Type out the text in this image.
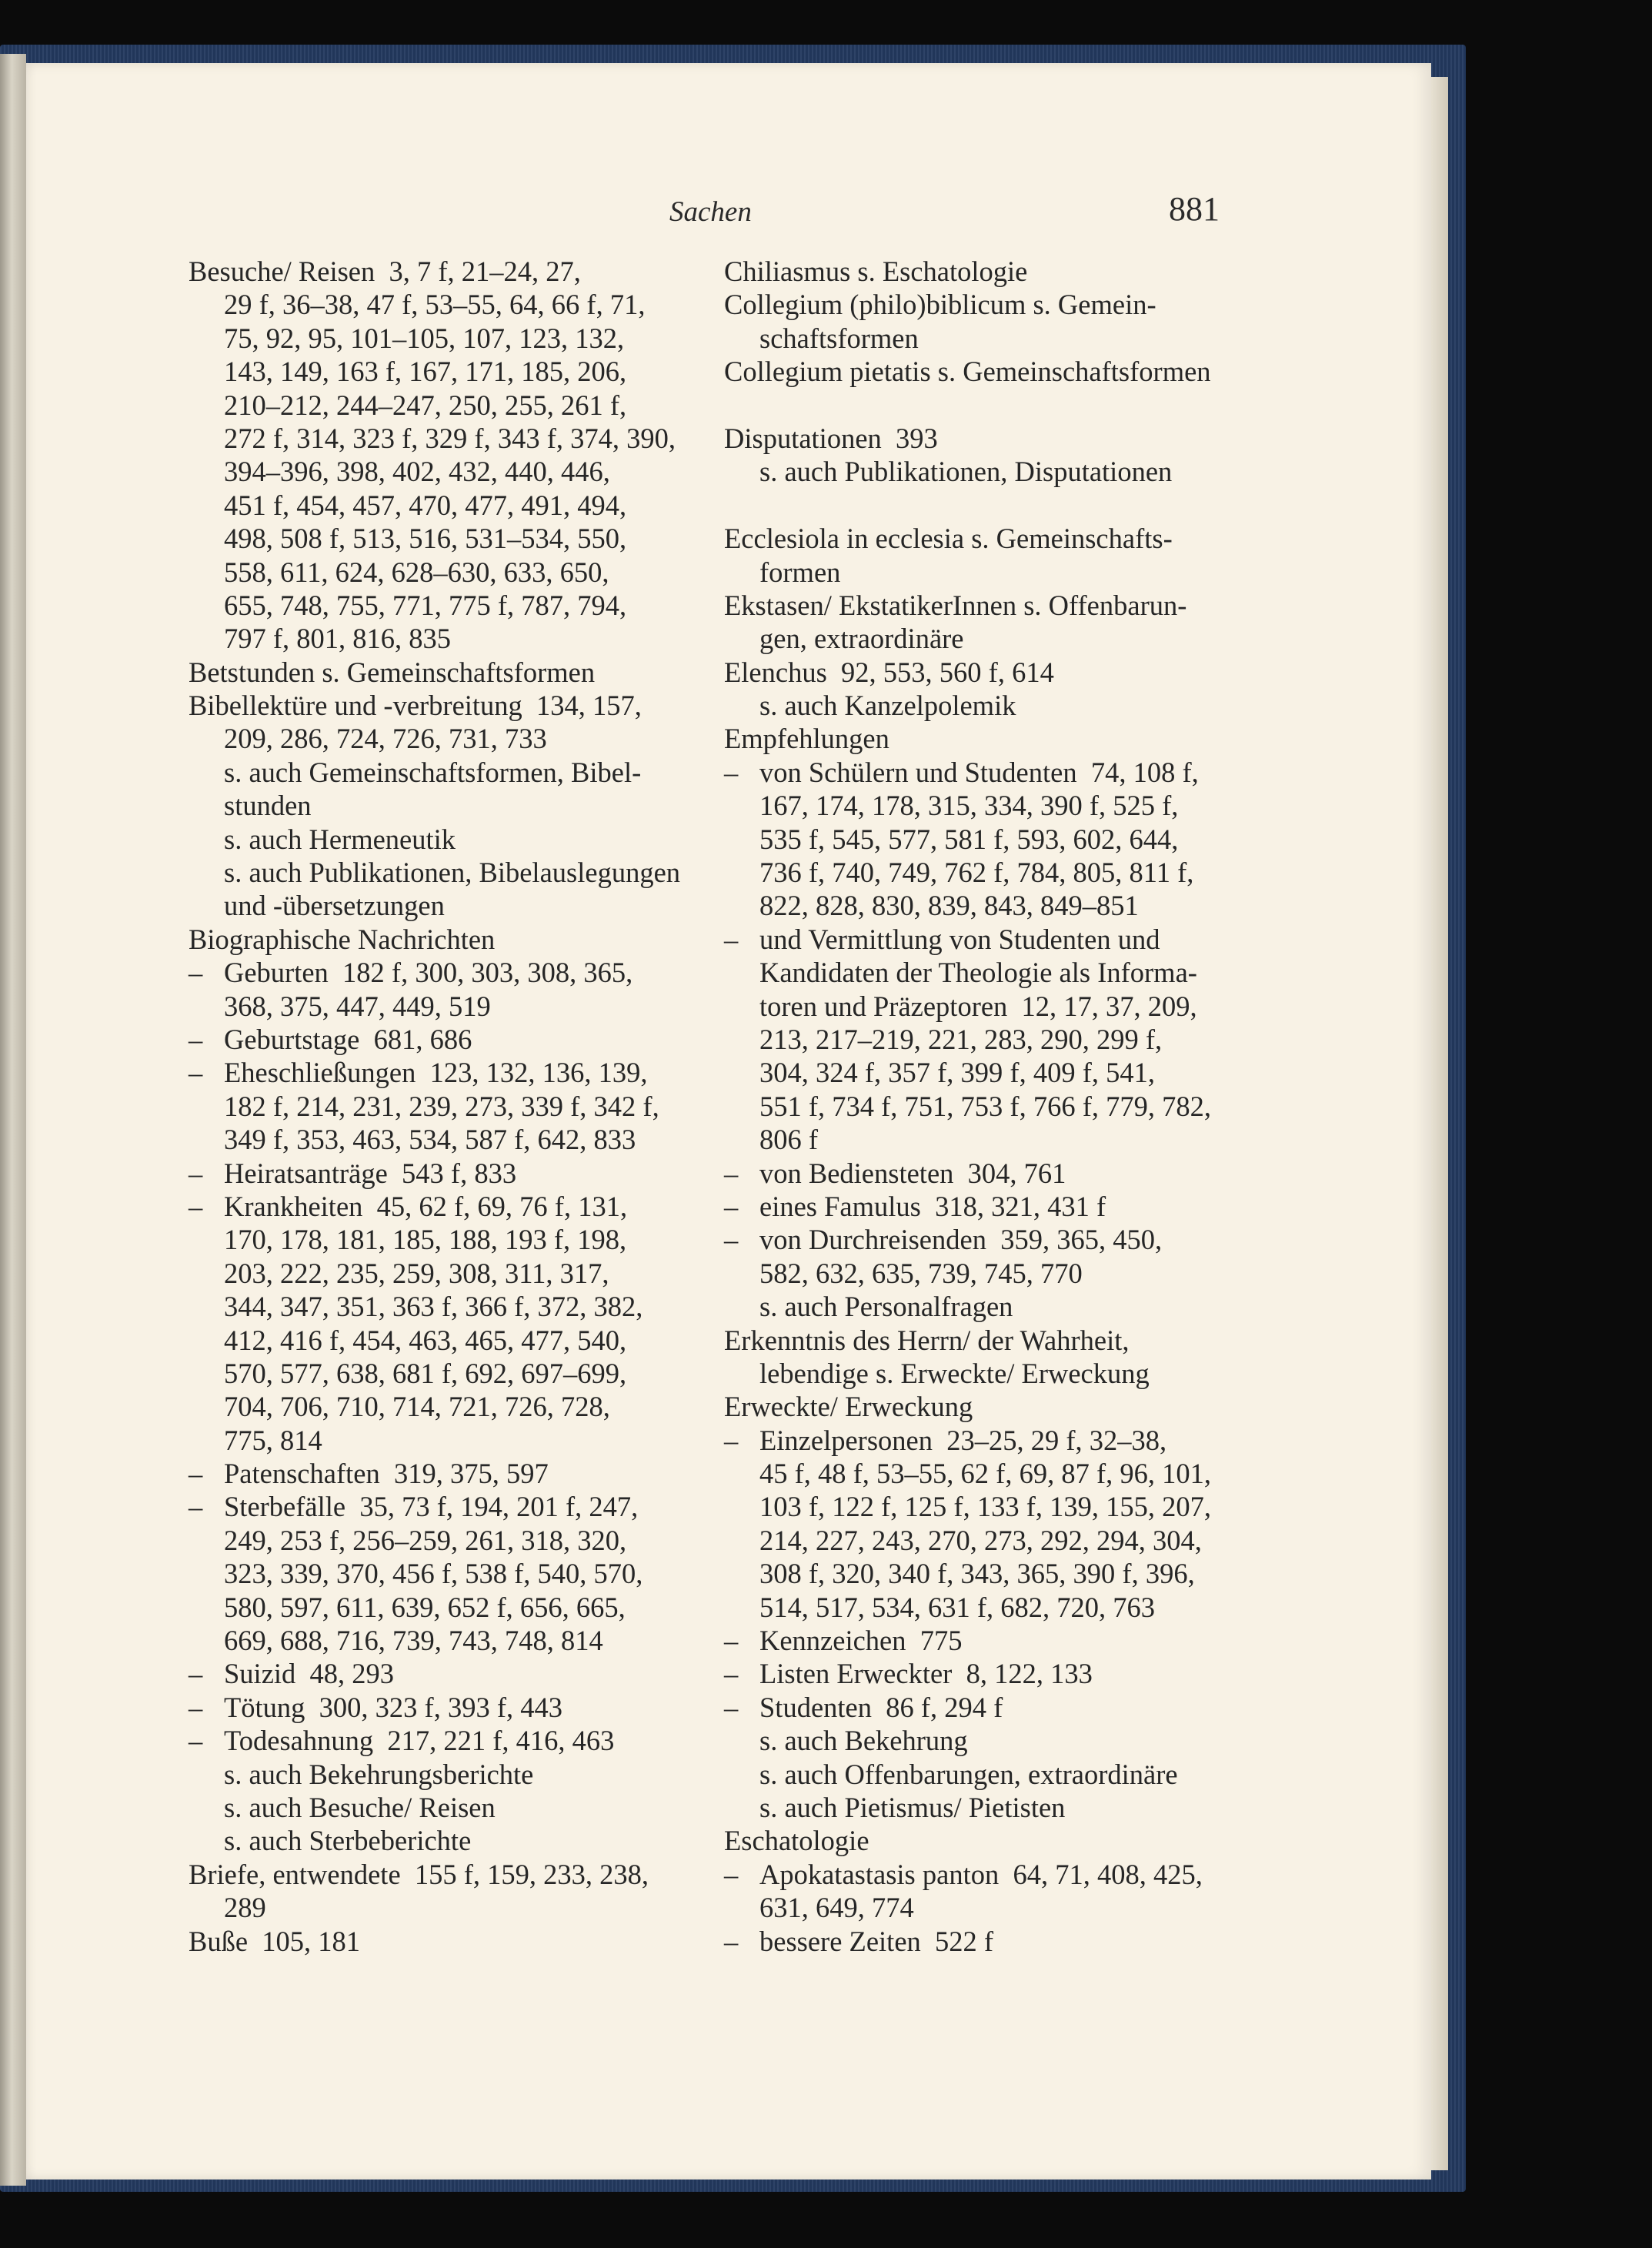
Sachen	881
Besuche/ Reisen  3, 7 f, 21–24, 27,
29 f, 36–38, 47 f, 53–55, 64, 66 f, 71,
75, 92, 95, 101–105, 107, 123, 132,
143, 149, 163 f, 167, 171, 185, 206,
210–212, 244–247, 250, 255, 261 f,
272 f, 314, 323 f, 329 f, 343 f, 374, 390,
394–396, 398, 402, 432, 440, 446,
451 f, 454, 457, 470, 477, 491, 494,
498, 508 f, 513, 516, 531–534, 550,
558, 611, 624, 628–630, 633, 650,
655, 748, 755, 771, 775 f, 787, 794,
797 f, 801, 816, 835
Betstunden s. Gemeinschaftsformen
Bibellektüre und -verbreitung  134, 157,
209, 286, 724, 726, 731, 733
s. auch Gemeinschaftsformen, Bibel-
stunden
s. auch Hermeneutik
s. auch Publikationen, Bibelauslegungen
und -übersetzungen
Biographische Nachrichten
– Geburten  182 f, 300, 303, 308, 365,
368, 375, 447, 449, 519
– Geburtstage  681, 686
– Eheschließungen  123, 132, 136, 139,
182 f, 214, 231, 239, 273, 339 f, 342 f,
349 f, 353, 463, 534, 587 f, 642, 833
– Heiratsanträge  543 f, 833
– Krankheiten  45, 62 f, 69, 76 f, 131,
170, 178, 181, 185, 188, 193 f, 198,
203, 222, 235, 259, 308, 311, 317,
344, 347, 351, 363 f, 366 f, 372, 382,
412, 416 f, 454, 463, 465, 477, 540,
570, 577, 638, 681 f, 692, 697–699,
704, 706, 710, 714, 721, 726, 728,
775, 814
– Patenschaften  319, 375, 597
– Sterbefälle  35, 73 f, 194, 201 f, 247,
249, 253 f, 256–259, 261, 318, 320,
323, 339, 370, 456 f, 538 f, 540, 570,
580, 597, 611, 639, 652 f, 656, 665,
669, 688, 716, 739, 743, 748, 814
– Suizid  48, 293
– Tötung  300, 323 f, 393 f, 443
– Todesahnung  217, 221 f, 416, 463
s. auch Bekehrungsberichte
s. auch Besuche/ Reisen
s. auch Sterbeberichte
Briefe, entwendete  155 f, 159, 233, 238,
289
Buße  105, 181
Chiliasmus s. Eschatologie
Collegium (philo)biblicum s. Gemein-
schaftsformen
Collegium pietatis s. Gemeinschaftsformen
Disputationen  393
s. auch Publikationen, Disputationen
Ecclesiola in ecclesia s. Gemeinschafts-
formen
Ekstasen/ EkstatikerInnen s. Offenbarun-
gen, extraordinäre
Elenchus  92, 553, 560 f, 614
s. auch Kanzelpolemik
Empfehlungen
– von Schülern und Studenten  74, 108 f,
167, 174, 178, 315, 334, 390 f, 525 f,
535 f, 545, 577, 581 f, 593, 602, 644,
736 f, 740, 749, 762 f, 784, 805, 811 f,
822, 828, 830, 839, 843, 849–851
– und Vermittlung von Studenten und
Kandidaten der Theologie als Informa-
toren und Präzeptoren  12, 17, 37, 209,
213, 217–219, 221, 283, 290, 299 f,
304, 324 f, 357 f, 399 f, 409 f, 541,
551 f, 734 f, 751, 753 f, 766 f, 779, 782,
806 f
– von Bediensteten  304, 761
– eines Famulus  318, 321, 431 f
– von Durchreisenden  359, 365, 450,
582, 632, 635, 739, 745, 770
s. auch Personalfragen
Erkenntnis des Herrn/ der Wahrheit,
lebendige s. Erweckte/ Erweckung
Erweckte/ Erweckung
– Einzelpersonen  23–25, 29 f, 32–38,
45 f, 48 f, 53–55, 62 f, 69, 87 f, 96, 101,
103 f, 122 f, 125 f, 133 f, 139, 155, 207,
214, 227, 243, 270, 273, 292, 294, 304,
308 f, 320, 340 f, 343, 365, 390 f, 396,
514, 517, 534, 631 f, 682, 720, 763
– Kennzeichen  775
– Listen Erweckter  8, 122, 133
– Studenten  86 f, 294 f
s. auch Bekehrung
s. auch Offenbarungen, extraordinäre
s. auch Pietismus/ Pietisten
Eschatologie
– Apokatastasis panton  64, 71, 408, 425,
631, 649, 774
– bessere Zeiten  522 f
